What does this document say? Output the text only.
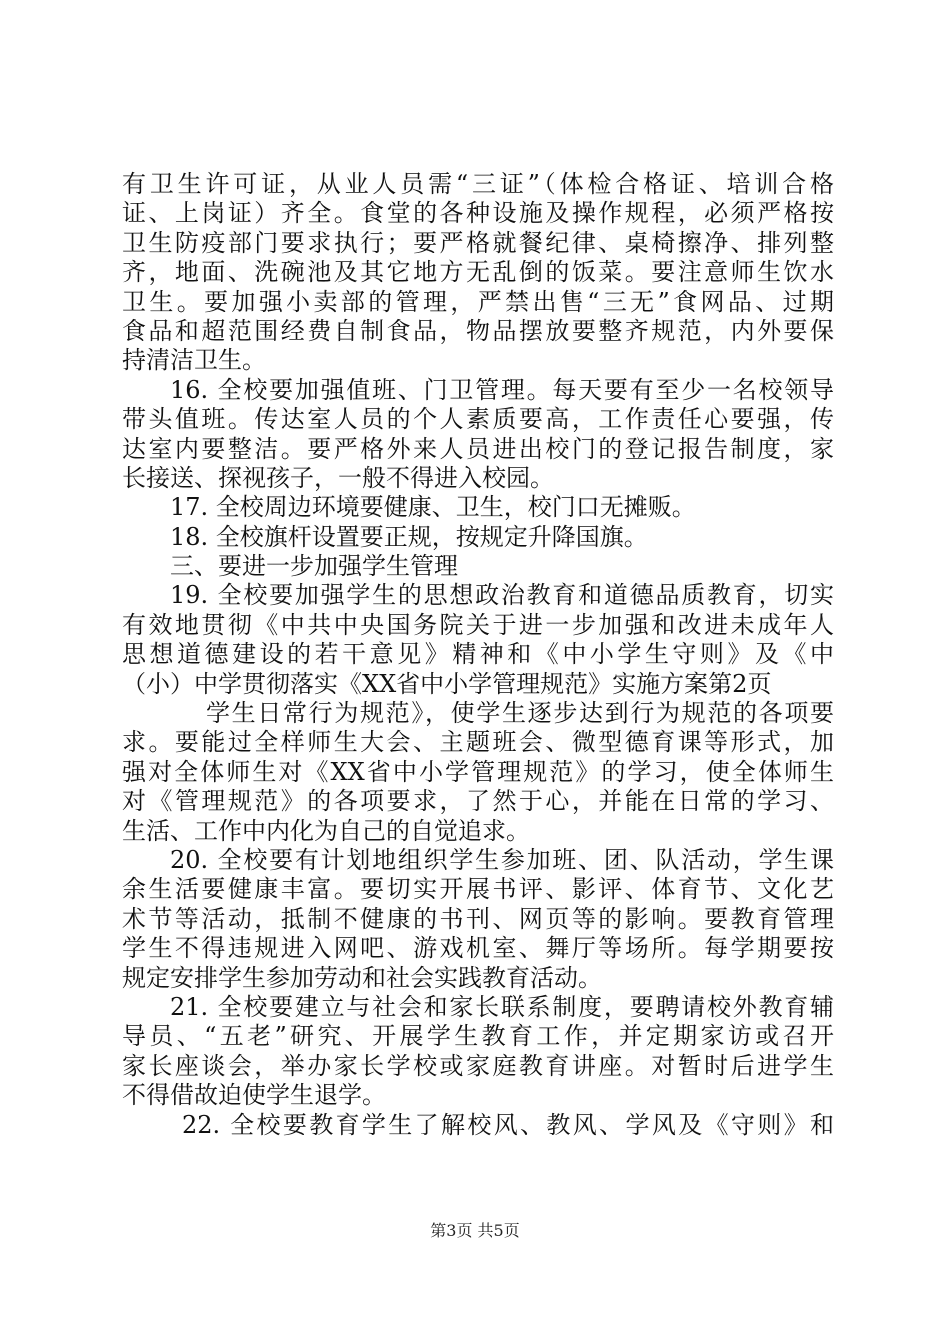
有卫生许可证，从业人员需“三证”（体检合格证、培训合格
证、上岗证）齐全。食堂的各种设施及操作规程，必须严格按
卫生防疫部门要求执行；要严格就餐纪律、桌椅擦净、排列整
齐，地面、洗碗池及其它地方无乱倒的饭菜。要注意师生饮水
卫生。要加强小卖部的管理，严禁出售“三无”食网品、过期
食品和超范围经费自制食品，物品摆放要整齐规范，内外要保
持清洁卫生。
16. 全校要加强值班、门卫管理。每天要有至少一名校领导
带头值班。传达室人员的个人素质要高，工作责任心要强，传
达室内要整洁。要严格外来人员进出校门的登记报告制度，家
长接送、探视孩子，一般不得进入校园。
17. 全校周边环境要健康、卫生，校门口无摊贩。
18. 全校旗杆设置要正规，按规定升降国旗。
三、要进一步加强学生管理
19. 全校要加强学生的思想政治教育和道德品质教育，切实
有效地贯彻《中共中央国务院关于进一步加强和改进未成年人
思想道德建设的若干意见》精神和《中小学生守则》及《中
（小）中学贯彻落实《XX省中小学管理规范》实施方案第2页
学生日常行为规范》，使学生逐步达到行为规范的各项要
求。要能过全样师生大会、主题班会、微型德育课等形式，加
强对全体师生对《XX省中小学管理规范》的学习，使全体师生
对《管理规范》的各项要求，了然于心，并能在日常的学习、
生活、工作中内化为自己的自觉追求。
20. 全校要有计划地组织学生参加班、团、队活动，学生课
余生活要健康丰富。要切实开展书评、影评、体育节、文化艺
术节等活动，抵制不健康的书刊、网页等的影响。要教育管理
学生不得违规进入网吧、游戏机室、舞厅等场所。每学期要按
规定安排学生参加劳动和社会实践教育活动。
21. 全校要建立与社会和家长联系制度，要聘请校外教育辅
导员、“五老”研究、开展学生教育工作，并定期家访或召开
家长座谈会，举办家长学校或家庭教育讲座。对暂时后进学生
不得借故迫使学生退学。
22. 全校要教育学生了解校风、教风、学风及《守则》和
第3页 共5页
